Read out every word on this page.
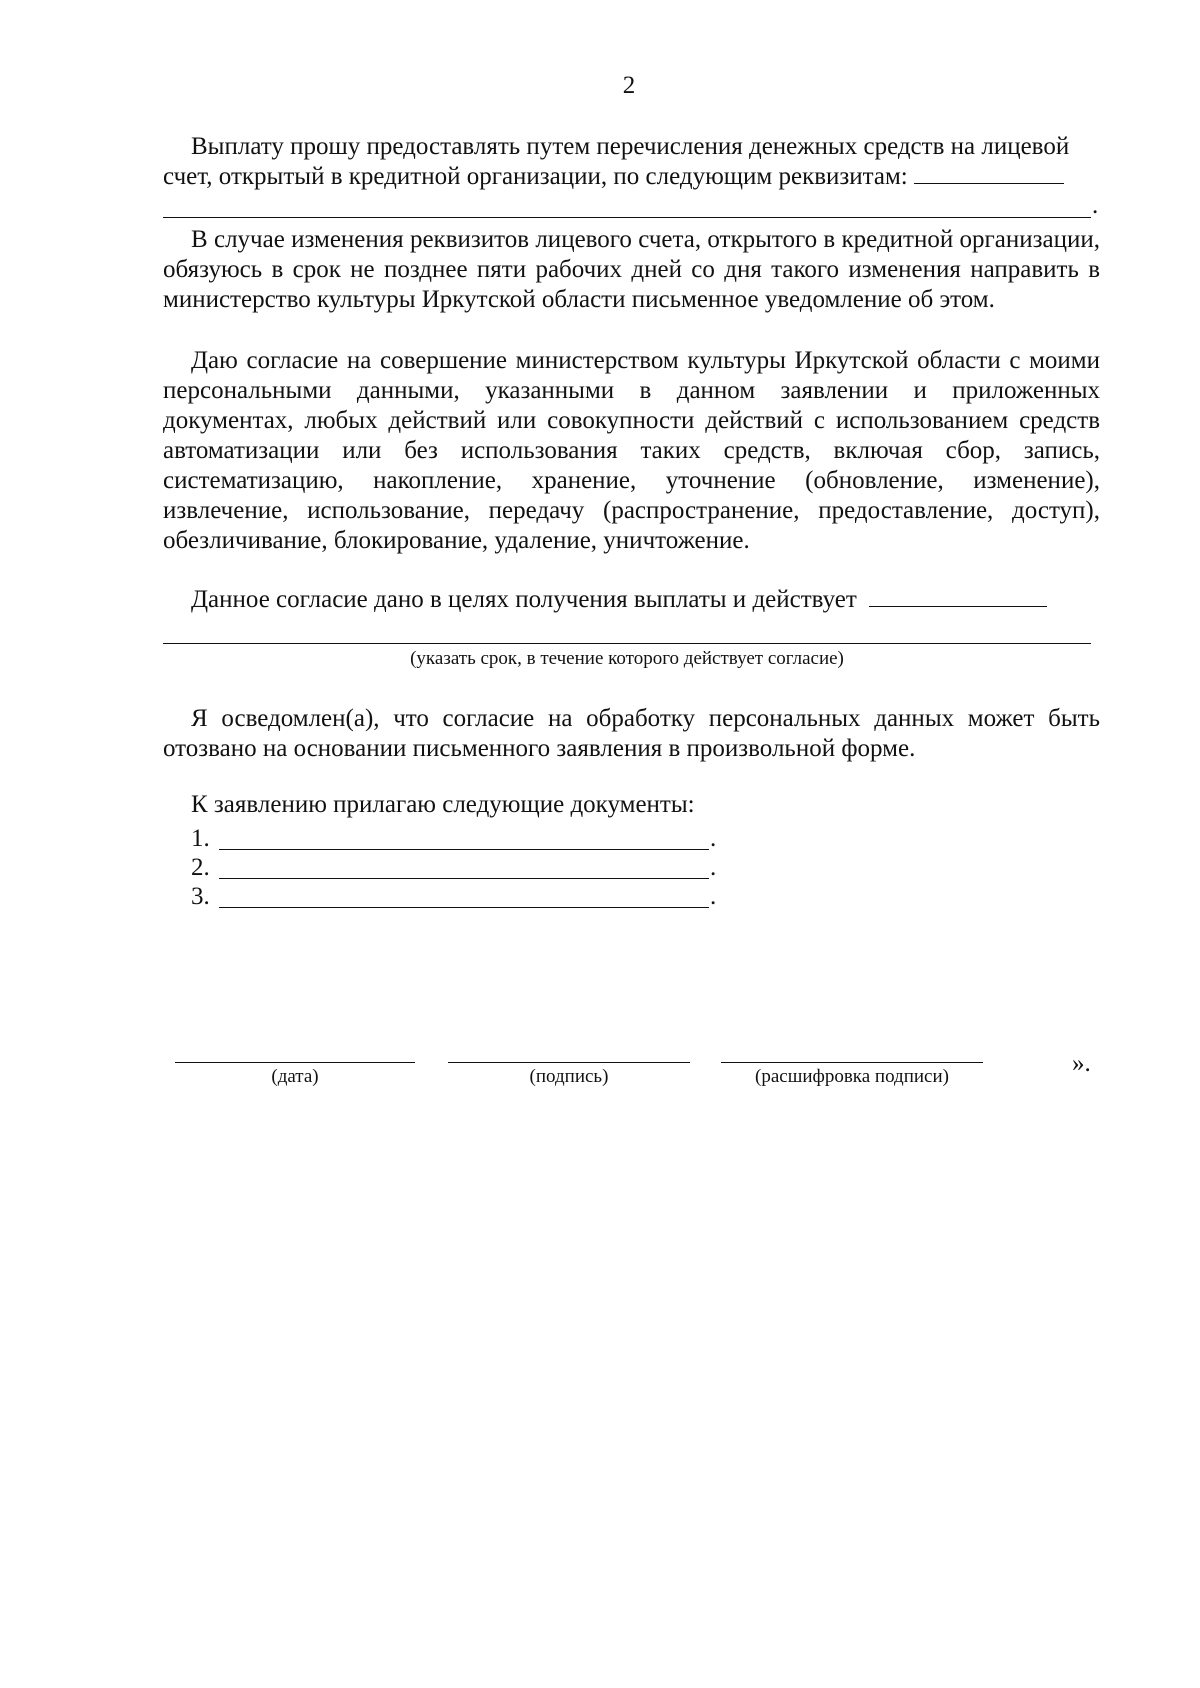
2
Выплату прошу предоставлять путем перечисления денежных средств на лицевой
счет, открытый в кредитной организации, по следующим реквизитам:
.
В случае изменения реквизитов лицевого счета, открытого в кредитной организации, обязуюсь в срок не позднее пяти рабочих дней со дня такого изменения направить в министерство культуры Иркутской области письменное уведомление об этом.
Даю согласие на совершение министерством культуры Иркутской области с моими персональными данными, указанными в данном заявлении и приложенных документах, любых действий или совокупности действий с использованием средств автоматизации или без использования таких средств, включая сбор, запись, систематизацию, накопление, хранение, уточнение (обновление, изменение), извлечение, использование, передачу (распространение, предоставление, доступ), обезличивание, блокирование, удаление, уничтожение.
Данное согласие дано в целях получения выплаты и действует
(указать срок, в течение которого действует согласие)
Я осведомлен(а), что согласие на обработку персональных данных может быть отозвано на основании письменного заявления в произвольной форме.
К заявлению прилагаю следующие документы:
1.	.
2.	.
3.	.
(дата)	(подпись)	(расшифровка подписи)	».
